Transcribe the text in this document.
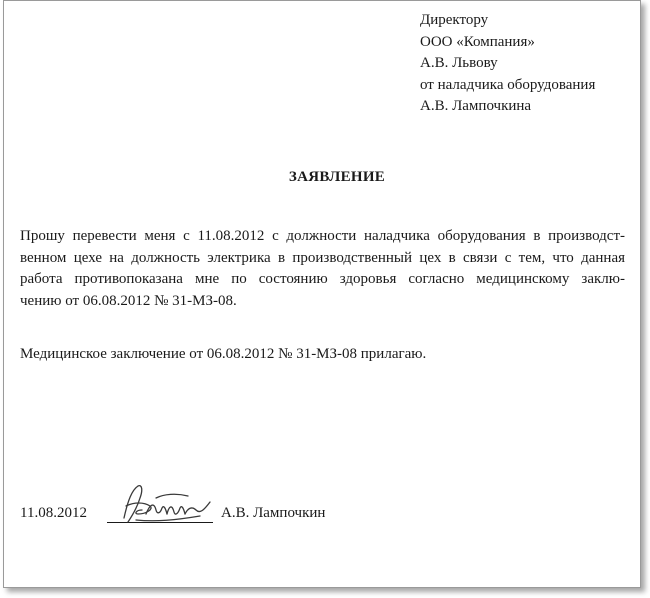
Директору
ООО «Компания»
А.В. Львову
от наладчика оборудования
А.В. Лампочкина
ЗАЯВЛЕНИЕ
Прошу перевести меня с 11.08.2012 с должности наладчика оборудования в производст-
венном цехе на должность электрика в производственный цех в связи с тем, что данная
работа противопоказана мне по состоянию здоровья согласно медицинскому заклю-
чению от 06.08.2012 № 31-МЗ-08.
Медицинское заключение от 06.08.2012 № 31-МЗ-08 прилагаю.
11.08.2012	А.В. Лампочкин
